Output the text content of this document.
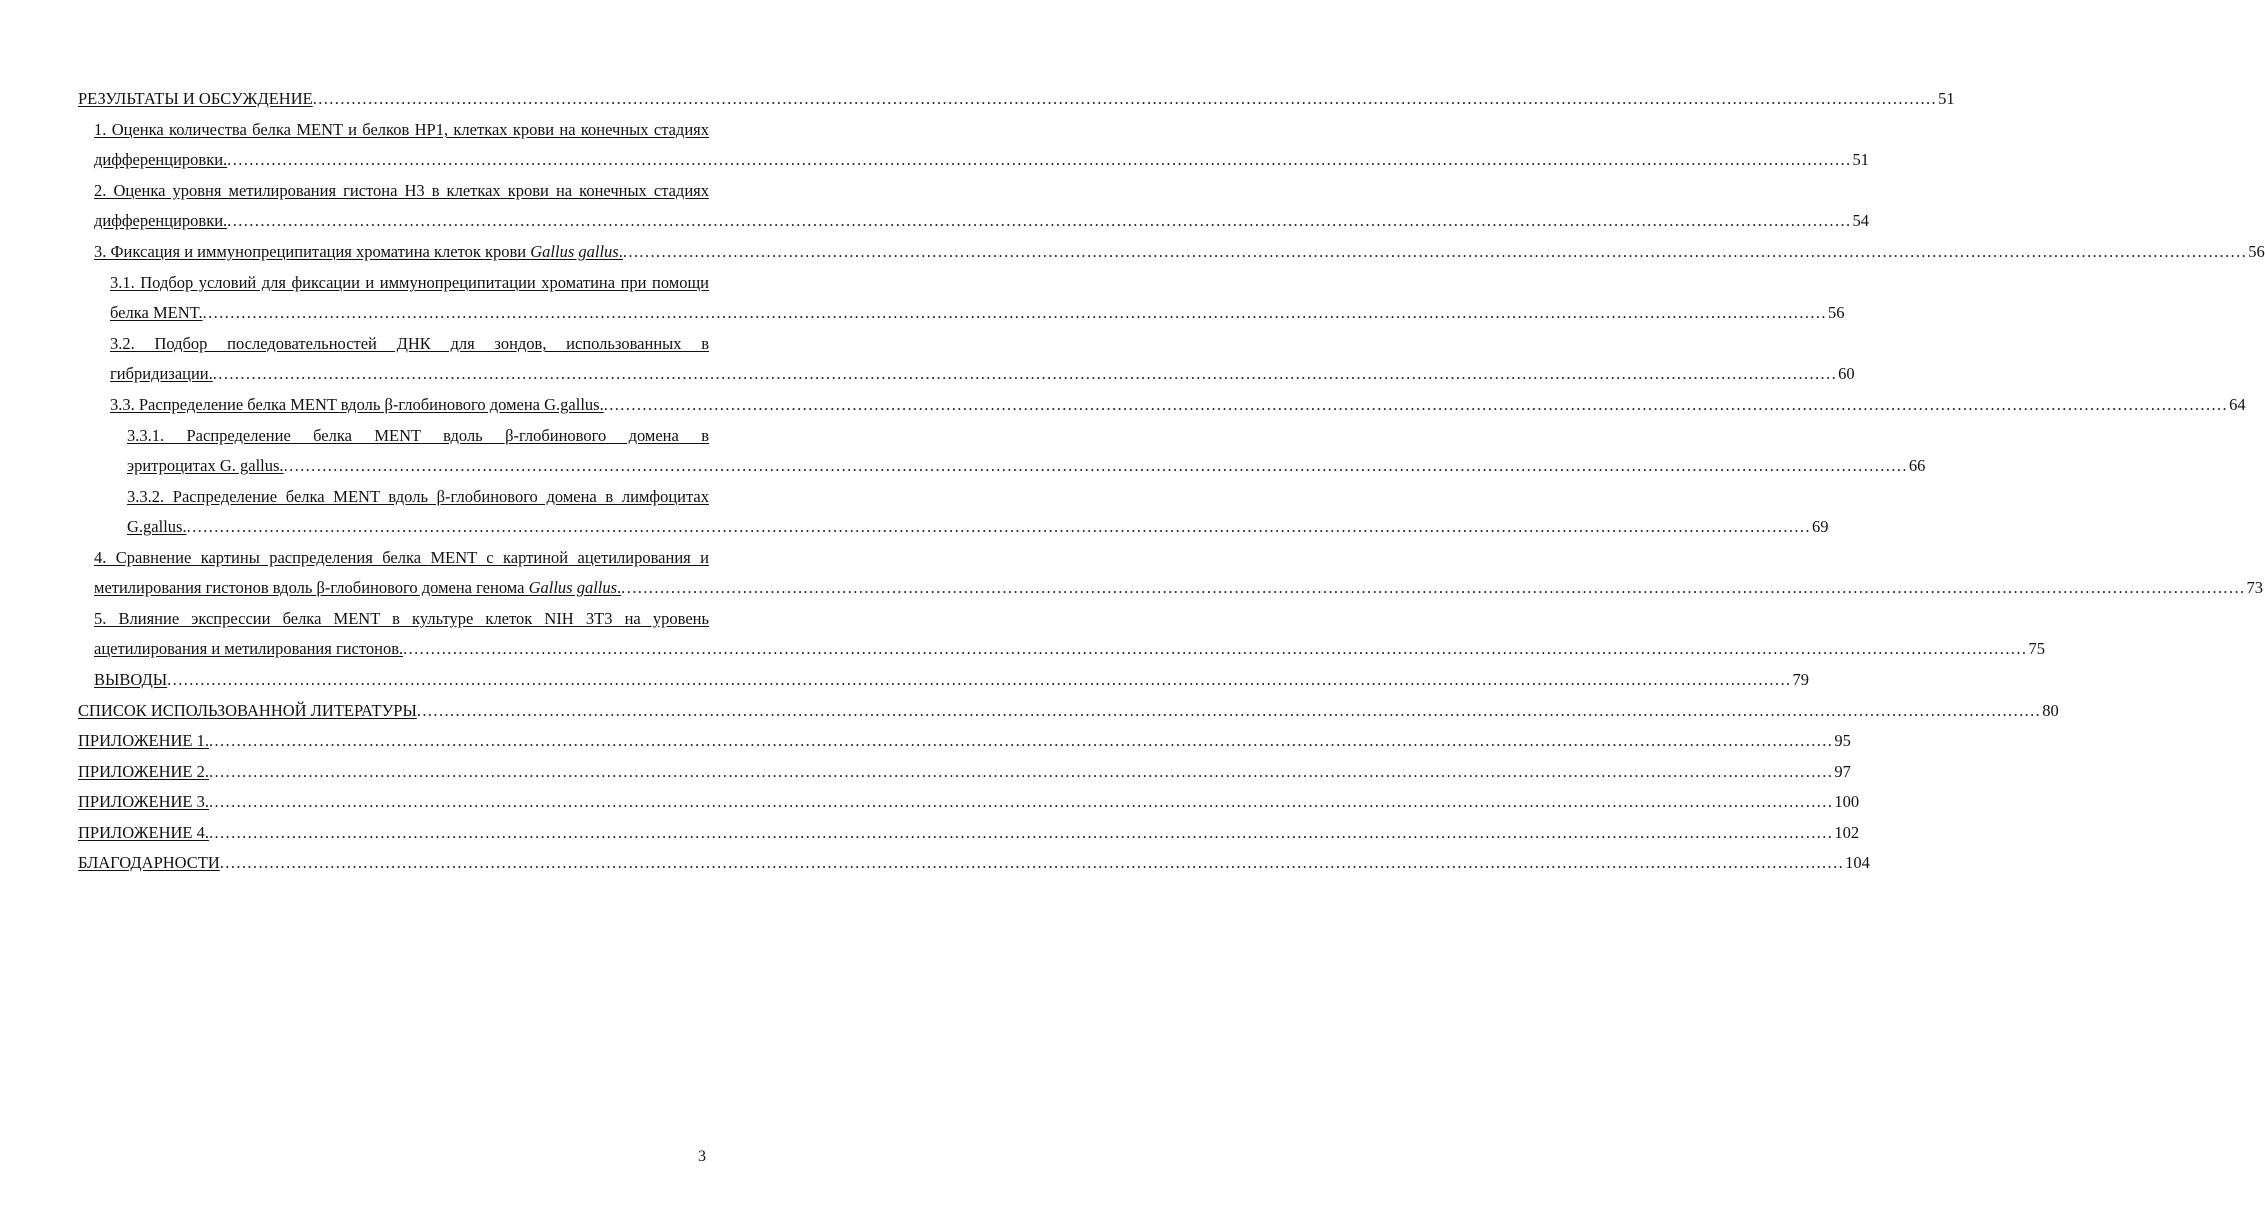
РЕЗУЛЬТАТЫ И ОБСУЖДЕНИЕ .....	51
1. Оценка количества белка MENT и белков HP1, клетках крови на конечных стадиях
дифференцировки. .....	51
2. Оценка уровня метилирования гистона H3 в клетках крови на конечных стадиях
дифференцировки. .....	54
3. Фиксация и иммунопреципитация хроматина клеток крови Gallus gallus. .....	56
3.1. Подбор условий для фиксации и иммунопреципитации хроматина при помощи
белка MENT. .....	56
3.2. Подбор последовательностей ДНК для зондов, использованных в
гибридизации. .....	60
3.3. Распределение белка MENT вдоль β-глобинового домена G.gallus. .....	64
3.3.1. Распределение белка MENT вдоль β-глобинового домена в
эритроцитах G. gallus. .....	66
3.3.2. Распределение белка MENT вдоль β-глобинового домена в лимфоцитах
G.gallus. .....	69
4. Сравнение картины распределения белка MENT с картиной ацетилирования и
метилирования гистонов вдоль β-глобинового домена генома Gallus gallus. .....	73
5. Влияние экспрессии белка MENT в культуре клеток NIH 3T3 на уровень
ацетилирования и метилирования гистонов. .....	75
ВЫВОДЫ .....	79
СПИСОК ИСПОЛЬЗОВАННОЙ ЛИТЕРАТУРЫ .....	80
ПРИЛОЖЕНИЕ 1. .....	95
ПРИЛОЖЕНИЕ 2. .....	97
ПРИЛОЖЕНИЕ 3. .....	100
ПРИЛОЖЕНИЕ 4. .....	102
БЛАГОДАРНОСТИ .....	104
3
